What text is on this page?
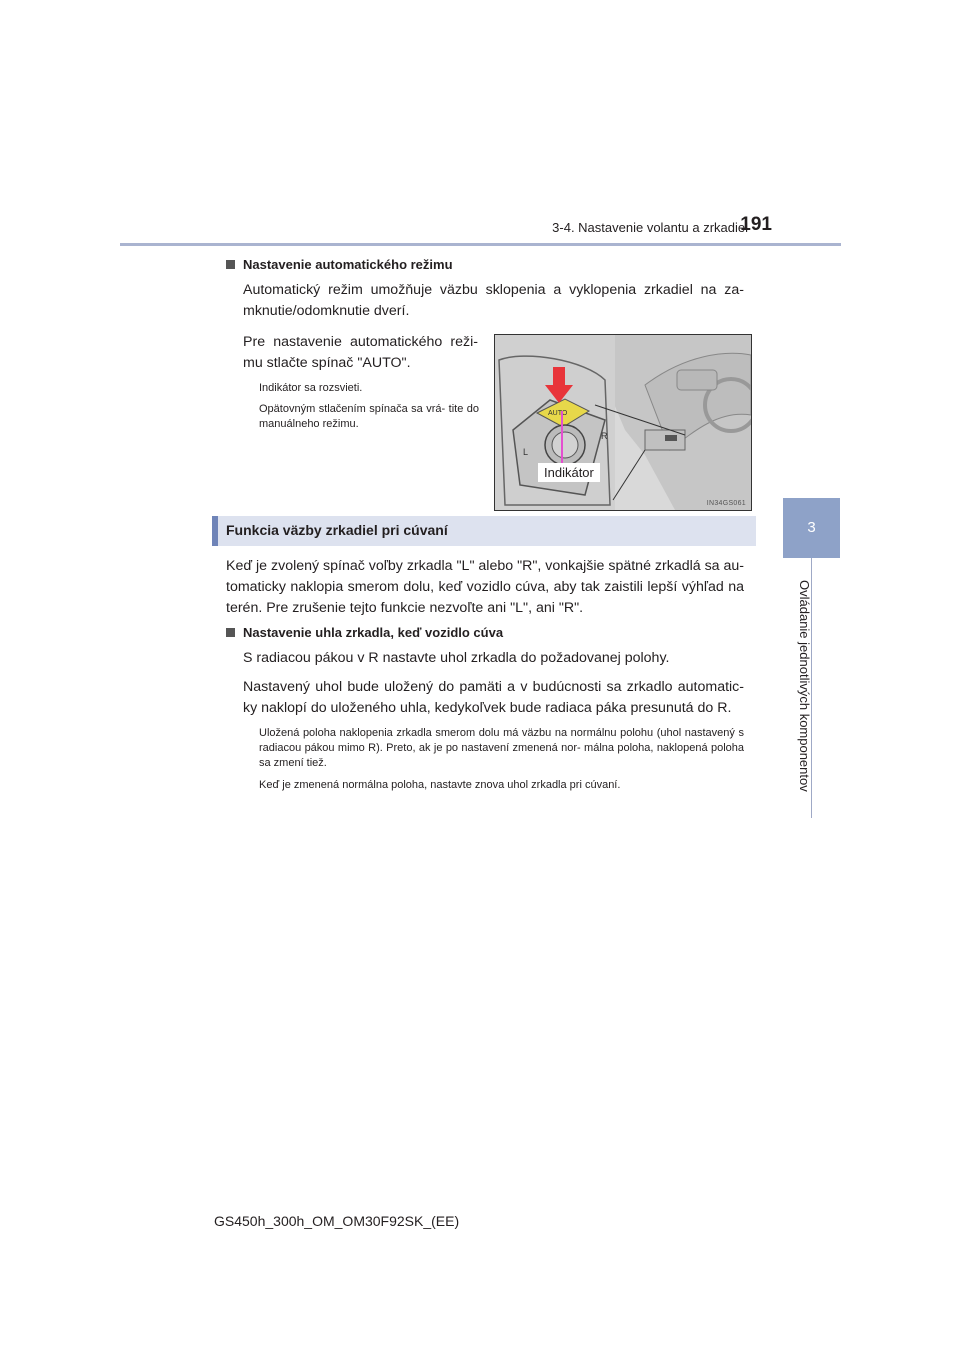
3-4. Nastavenie volantu a zrkadiel
191
3
Ovládanie jednotlivých komponentov
Nastavenie automatického režimu
Automatický režim umožňuje väzbu sklopenia a vyklopenia zrkadiel na za- mknutie/odomknutie dverí.
Pre nastavenie automatického reži- mu stlačte spínač "AUTO".
Indikátor sa rozsvieti.
Opätovným stlačením spínača sa vrá- tite do manuálneho režimu.
AUTO
L
R
Indikátor
IN34GS061
Funkcia väzby zrkadiel pri cúvaní
Keď je zvolený spínač voľby zrkadla "L" alebo "R", vonkajšie spätné zrkadlá sa au- tomaticky naklopia smerom dolu, keď vozidlo cúva, aby tak zaistili lepší výhľad na terén. Pre zrušenie tejto funkcie nezvoľte ani "L", ani "R".
Nastavenie uhla zrkadla, keď vozidlo cúva
S radiacou pákou v R nastavte uhol zrkadla do požadovanej polohy.
Nastavený uhol bude uložený do pamäti a v budúcnosti sa zrkadlo automatic- ky naklopí do uloženého uhla, kedykoľvek bude radiaca páka presunutá do R.
Uložená poloha naklopenia zrkadla smerom dolu má väzbu na normálnu polohu (uhol nastavený s radiacou pákou mimo R). Preto, ak je po nastavení zmenená nor- málna poloha, naklopená poloha sa zmení tiež.
Keď je zmenená normálna poloha, nastavte znova uhol zrkadla pri cúvaní.
GS450h_300h_OM_OM30F92SK_(EE)
